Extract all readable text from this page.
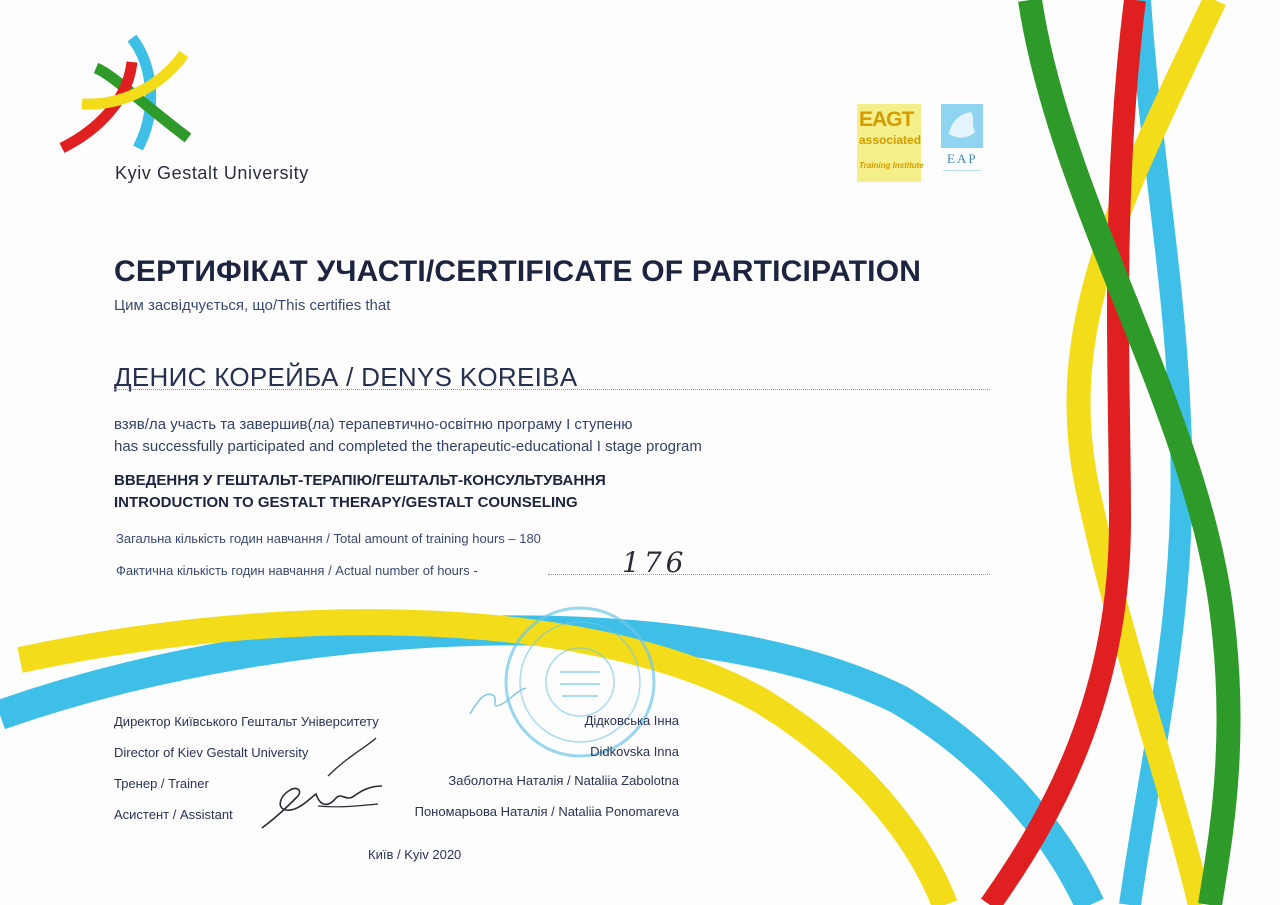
Kyiv Gestalt University
EAGT
associated
Training Institute EAP
СЕРТИФІКАТ УЧАСТІ/CERTIFICATE OF PARTICIPATION
Цим засвідчується, що/This certifies that
ДЕНИС КОРЕЙБА / DENYS KOREIBA
взяв/ла участь та завершив(ла) терапевтично-освітню програму І ступеню
has successfully participated and completed the therapeutic-educational I stage program
ВВЕДЕННЯ У ГЕШТАЛЬТ-ТЕРАПІЮ/ГЕШТАЛЬТ-КОНСУЛЬТУВАННЯ
INTRODUCTION TO GESTALT THERAPY/GESTALT COUNSELING
Загальна кількість годин навчання / Total amount of training hours – 180
Фактична кількість годин навчання / Actual number of hours -	176
Директор Київського Гештальт Університету
Director of Kiev Gestalt University
Тренер / Trainer
Асистент / Assistant
Дідковська Інна
Didkovska Inna
Заболотна Наталія / Nataliia Zabolotna
Пономарьова Наталія / Nataliia Ponomareva
Київ / Kyiv 2020
